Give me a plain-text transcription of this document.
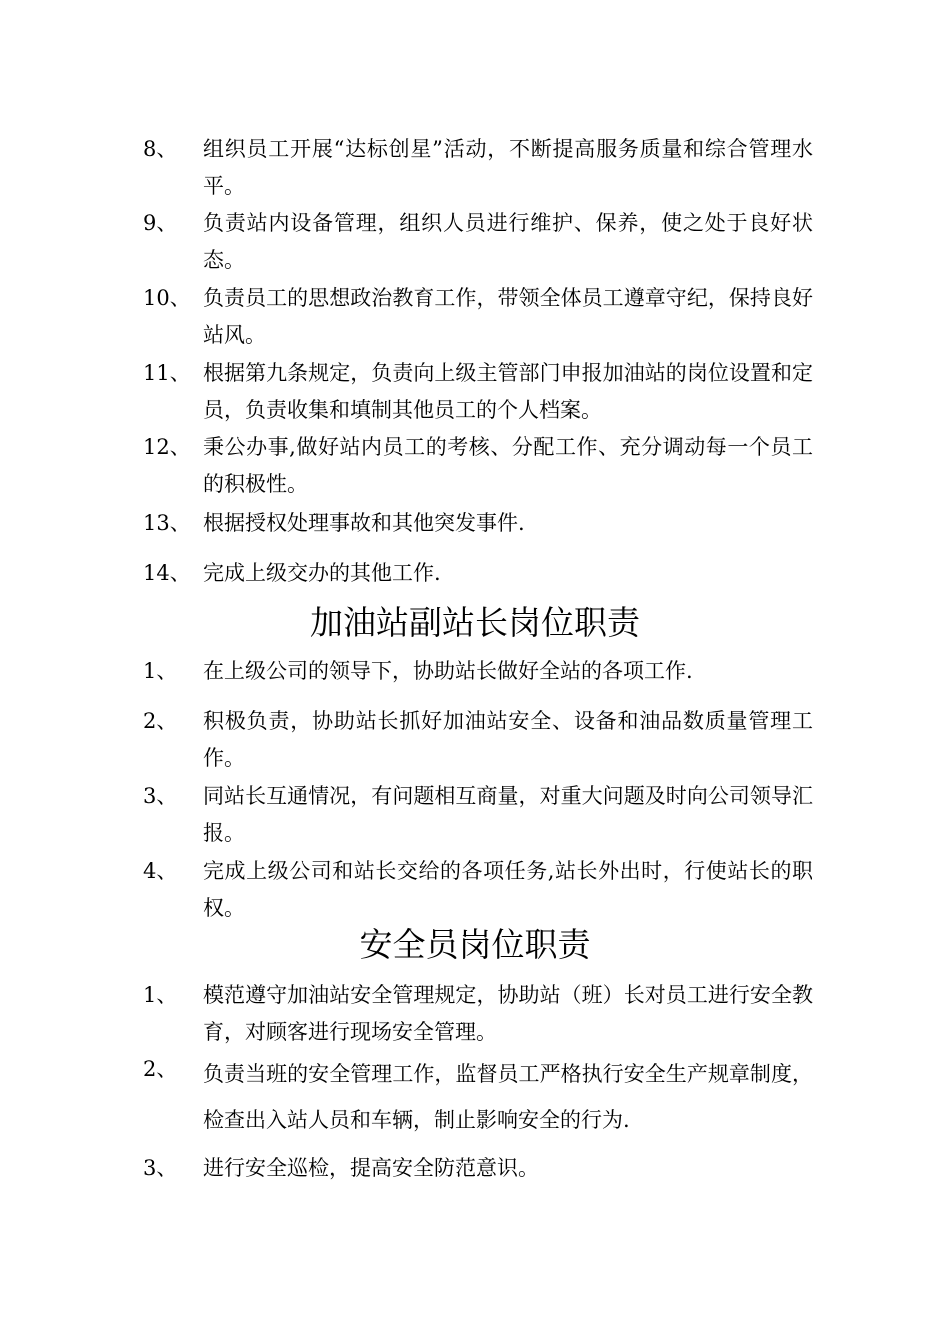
8、 组织员工开展“达标创星”活动，不断提高服务质量和综合管理水平。
9、 负责站内设备管理，组织人员进行维护、保养，使之处于良好状态。
10、 负责员工的思想政治教育工作，带领全体员工遵章守纪，保持良好站风。
11、 根据第九条规定，负责向上级主管部门申报加油站的岗位设置和定员，负责收集和填制其他员工的个人档案。
12、 秉公办事,做好站内员工的考核、分配工作、充分调动每一个员工的积极性。
13、 根据授权处理事故和其他突发事件.
14、 完成上级交办的其他工作.
加油站副站长岗位职责
1、 在上级公司的领导下，协助站长做好全站的各项工作.
2、 积极负责，协助站长抓好加油站安全、设备和油品数质量管理工作。
3、 同站长互通情况，有问题相互商量，对重大问题及时向公司领导汇报。
4、 完成上级公司和站长交给的各项任务,站长外出时，行使站长的职权。
安全员岗位职责
1、 模范遵守加油站安全管理规定，协助站（班）长对员工进行安全教育，对顾客进行现场安全管理。
2、 负责当班的安全管理工作，监督员工严格执行安全生产规章制度，检查出入站人员和车辆，制止影响安全的行为.
3、 进行安全巡检，提高安全防范意识。
